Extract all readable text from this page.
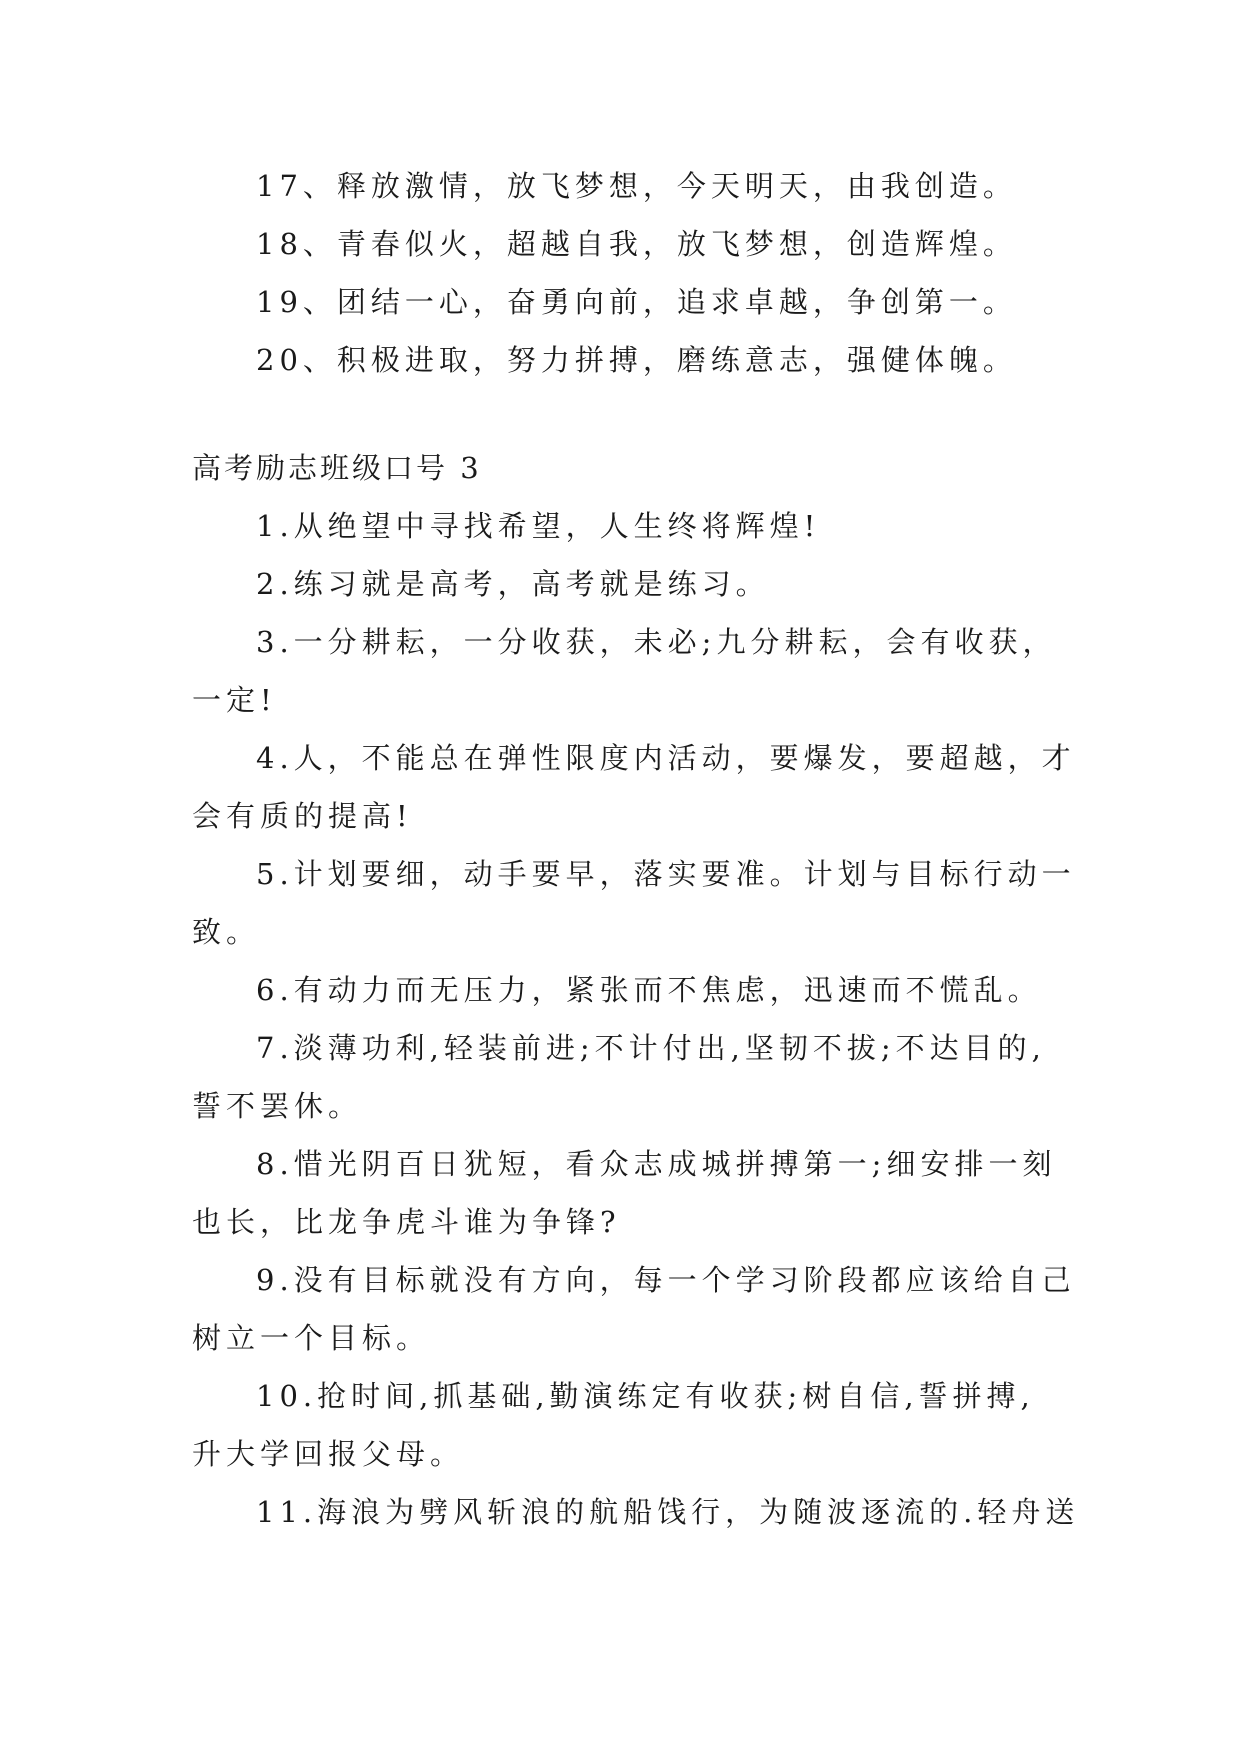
17、释放激情，放飞梦想，今天明天，由我创造。
18、青春似火，超越自我，放飞梦想，创造辉煌。
19、团结一心，奋勇向前，追求卓越，争创第一。
20、积极进取，努力拼搏，磨练意志，强健体魄。
高考励志班级口号 3
1.从绝望中寻找希望，人生终将辉煌!
2.练习就是高考，高考就是练习。
3.一分耕耘，一分收获，未必;九分耕耘，会有收获，
一定!
4.人，不能总在弹性限度内活动，要爆发，要超越，才
会有质的提高!
5.计划要细，动手要早，落实要准。计划与目标行动一
致。
6.有动力而无压力，紧张而不焦虑，迅速而不慌乱。
7.淡薄功利,轻装前进;不计付出,坚韧不拔;不达目的,
誓不罢休。
8.惜光阴百日犹短，看众志成城拼搏第一;细安排一刻
也长，比龙争虎斗谁为争锋?
9.没有目标就没有方向，每一个学习阶段都应该给自己
树立一个目标。
10.抢时间,抓基础,勤演练定有收获;树自信,誓拼搏,
升大学回报父母。
11.海浪为劈风斩浪的航船饯行，为随波逐流的.轻舟送
